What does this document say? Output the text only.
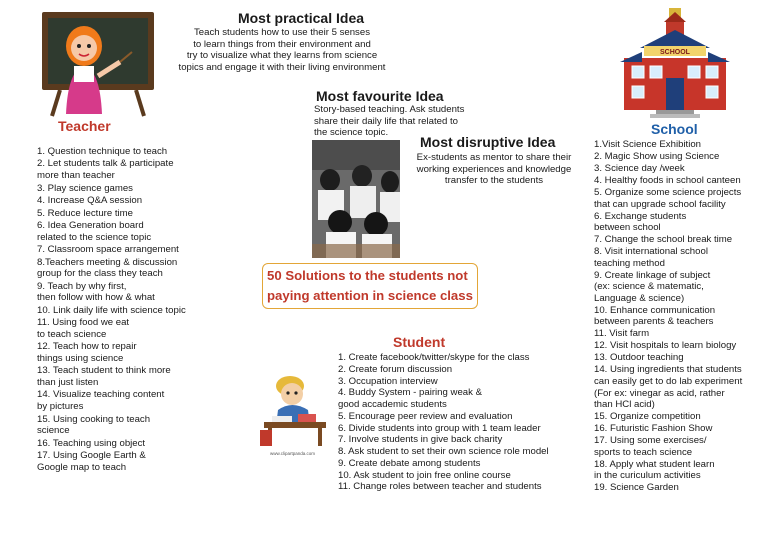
Teacher
1. Question technique to teach
2. Let students talk & participate
more than teacher
3. Play science games
4. Increase Q&A session
5. Reduce lecture time
6. Idea Generation board
related to the science topic
7. Classroom space arrangement
8.Teachers meeting & discussion
group for the class they teach
9. Teach by why first,
then follow with how & what
10. Link daily life with science topic
11. Using food we eat
to teach science
12. Teach how to repair
things using science
13. Teach student to think more
than just listen
14. Visualize teaching content
by pictures
15. Using cooking to teach
science
16. Teaching using object
17. Using Google Earth &
Google map to teach
Most practical Idea
Teach students how to use their 5 senses
to learn things from their environment and
try to visualize what they learns from science
topics and engage it with their living environment
Most favourite Idea
Story-based teaching. Ask students
share their daily life that related to
the science topic.
Most disruptive Idea
Ex-students as mentor to share their
working experiences and knowledge
transfer to the students
50 Solutions to the students not
paying attention in science class
SCHOOL
School
1.Visit Science Exhibition
2. Magic Show using Science
3. Science day /week
4. Healthy foods in school canteen
5. Organize some science projects
that can upgrade school facility
6. Exchange students
between school
7. Change the school break time
8. Visit international school
teaching method
9. Create linkage of subject
(ex: science & matematic,
Language & science)
10. Enhance communication
between parents & teachers
11. Visit farm
12. Visit hospitals to learn biology
13. Outdoor teaching
14. Using ingredients that students
can easily get to do lab experiment
(For ex: vinegar as acid, rather
than HCl acid)
15. Organize competition
16. Futuristic Fashion Show
17. Using some exercises/
sports to teach science
18. Apply what student learn
in the curiculum activities
19. Science Garden
Student
www.clipartpanda.com
1. Create facebook/twitter/skype for the class
2. Create forum discussion
3. Occupation interview
4. Buddy System - pairing weak &
good accademic students
5. Encourage peer review and evaluation
6. Divide students into group with 1 team leader
7. Involve students in give back charity
8. Ask student to set their own science role model
9. Create debate among students
10. Ask student to join free online course
11. Change roles between teacher and students
